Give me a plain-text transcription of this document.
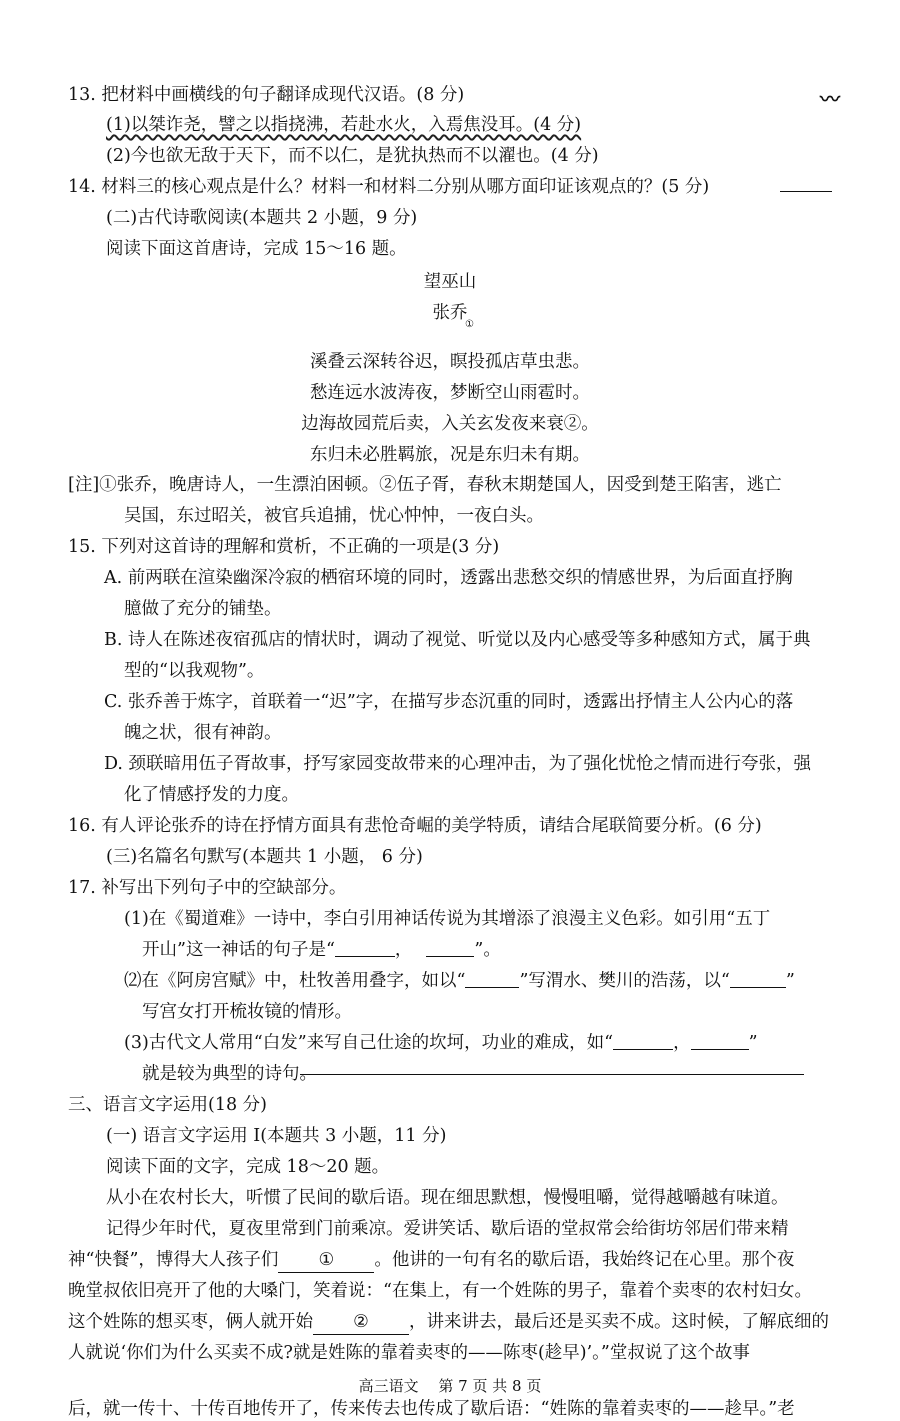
13. 把材料中画横线的句子翻译成现代汉语。(8 分)	〰
(1)以桀诈尧，譬之以指挠沸，若赴水火，入焉焦没耳。(4 分)
(2)今也欲无敌于天下，而不以仁，是犹执热而不以濯也。(4 分)
14. 材料三的核心观点是什么？材料一和材料二分别从哪方面印证该观点的？(5 分)
(二)古代诗歌阅读(本题共 2 小题，9 分)
阅读下面这首唐诗，完成 15～16 题。
望巫山
张乔
①
溪叠云深转谷迟，暝投孤店草虫悲。
愁连远水波涛夜，梦断空山雨雹时。
边海故园荒后卖，入关玄发夜来衰②。
东归未必胜羁旅，况是东归未有期。
[注]①张乔，晚唐诗人，一生漂泊困顿。②伍子胥，春秋末期楚国人，因受到楚王陷害，逃亡
吴国，东过昭关，被官兵追捕，忧心忡忡，一夜白头。
15. 下列对这首诗的理解和赏析，不正确的一项是(3 分)
A. 前两联在渲染幽深冷寂的栖宿环境的同时，透露出悲愁交织的情感世界，为后面直抒胸
臆做了充分的铺垫。
B. 诗人在陈述夜宿孤店的情状时，调动了视觉、听觉以及内心感受等多种感知方式，属于典
型的“以我观物”。
C. 张乔善于炼字，首联着一“迟”字，在描写步态沉重的同时，透露出抒情主人公内心的落
魄之状，很有神韵。
D. 颈联暗用伍子胥故事，抒写家园变故带来的心理冲击，为了强化忧怆之情而进行夸张，强
化了情感抒发的力度。
16. 有人评论张乔的诗在抒情方面具有悲怆奇崛的美学特质，请结合尾联简要分析。(6 分)
(三)名篇名句默写(本题共 1 小题， 6 分)
17. 补写出下列句子中的空缺部分。
(1)在《蜀道难》一诗中，李白引用神话传说为其增添了浪漫主义色彩。如引用“五丁
开山”这一神话的句子是“	，	”。
⑵在《阿房宫赋》中，杜牧善用叠字，如以“	”写渭水、樊川的浩荡，以“	”
写宫女打开梳妆镜的情形。
(3)古代文人常用“白发”来写自己仕途的坎坷，功业的难成，如“	，	”
就是较为典型的诗句。
三、语言文字运用(18 分)
(一) 语言文字运用 I(本题共 3 小题，11 分)
阅读下面的文字，完成 18～20 题。
从小在农村长大，听惯了民间的歇后语。现在细思默想，慢慢咀嚼，觉得越嚼越有味道。
记得少年时代，夏夜里常到门前乘凉。爱讲笑话、歇后语的堂叔常会给街坊邻居们带来精
神“快餐”，博得大人孩子们 ① 。他讲的一句有名的歇后语，我始终记在心里。那个夜
晚堂叔依旧亮开了他的大嗓门，笑着说：“在集上，有一个姓陈的男子，靠着个卖枣的农村妇女。
这个姓陈的想买枣，俩人就开始 ② ，讲来讲去，最后还是买卖不成。这时候，了解底细的
人就说‘你们为什么买卖不成?就是姓陈的靠着卖枣的——陈枣(趁早)’。”堂叔说了这个故事
高三语文　 第 7 页 共 8 页
后，就一传十、十传百地传开了，传来传去也传成了歇后语：“姓陈的靠着卖枣的——趁早。”老
